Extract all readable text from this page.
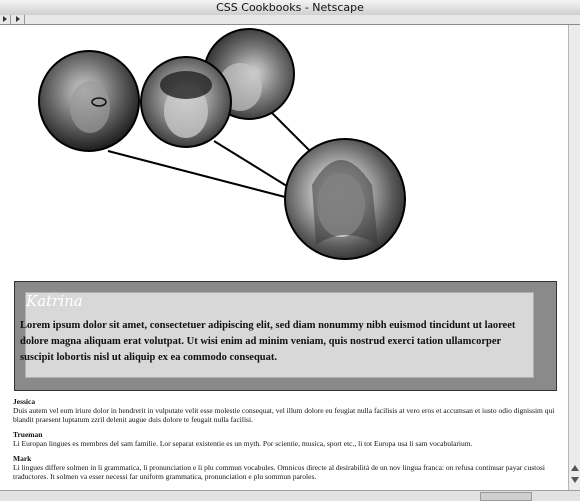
CSS Cookbooks - Netscape
Katrina
Lorem ipsum dolor sit amet, consectetuer adipiscing elit, sed diam nonummy nibh euismod tincidunt ut laoreet dolore magna aliquam erat volutpat. Ut wisi enim ad minim veniam, quis nostrud exerci tation ullamcorper suscipit lobortis nisl ut aliquip ex ea commodo consequat.
Jessica
Duis autem vel eum iriure dolor in hendrerit in vulputate velit esse molestie consequat, vel illum dolore eu feugiat nulla facilisis at vero eros et accumsan et iusto odio dignissim qui blandit praesent luptatum zzril delenit augue duis dolore te feugait nulla facilisi.
Trueman
Li Europan lingues es membres del sam familie. Lor separat existentie es un myth. Por scientie, musica, sport etc., li tot Europa usa li sam vocabularium.
Mark
Li lingues differe solmen in li grammatica, li pronunciation e li plu commun vocabules. Omnicos directe al desirabilitá de un nov lingua franca: on refusa continuar payar custosi traductores. It solmen va esser necessi far uniform grammatica, pronunciation e plu sommun paroles.
